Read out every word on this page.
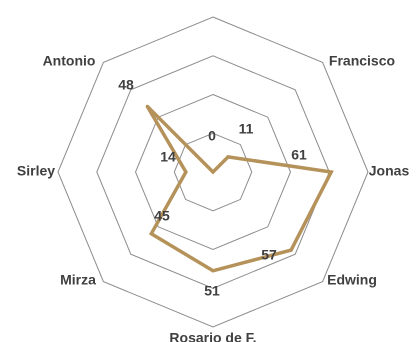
Francisco
Jonas
Edwing
Rosario de F.
Mirza
Sirley
Antonio
0 11
61
57
51
45
14
48
